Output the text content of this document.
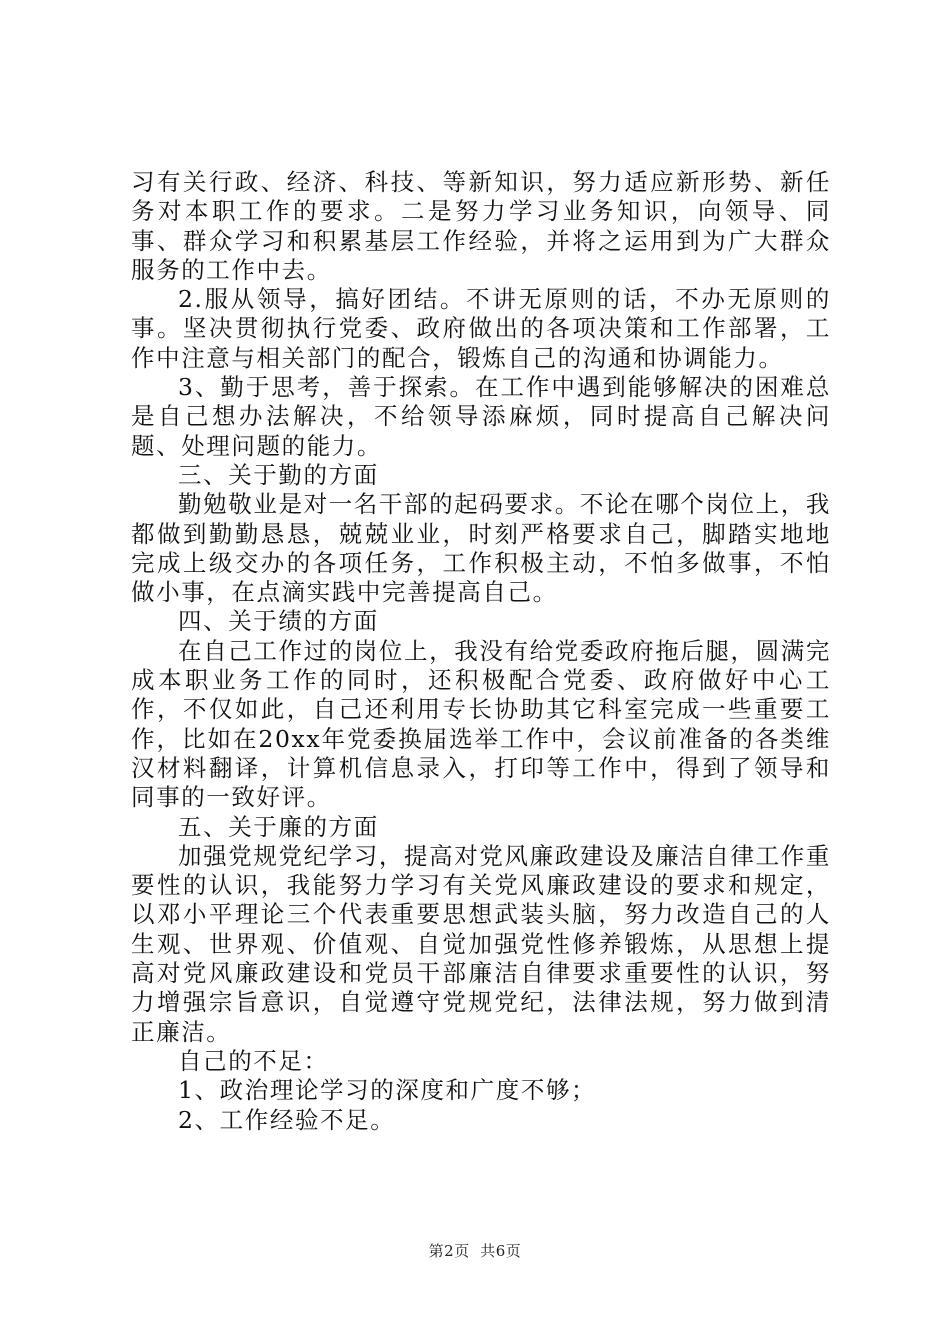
习有关行政、经济、科技、等新知识，努力适应新形势、新任务对本职工作的要求。二是努力学习业务知识，向领导、同事、群众学习和积累基层工作经验，并将之运用到为广大群众服务的工作中去。

2.服从领导，搞好团结。不讲无原则的话，不办无原则的事。坚决贯彻执行党委、政府做出的各项决策和工作部署，工作中注意与相关部门的配合，锻炼自己的沟通和协调能力。

3、勤于思考，善于探索。在工作中遇到能够解决的困难总是自己想办法解决，不给领导添麻烦，同时提高自己解决问题、处理问题的能力。

三、关于勤的方面

勤勉敬业是对一名干部的起码要求。不论在哪个岗位上，我都做到勤勤恳恳，兢兢业业，时刻严格要求自己，脚踏实地地完成上级交办的各项任务，工作积极主动，不怕多做事，不怕做小事，在点滴实践中完善提高自己。

四、关于绩的方面

在自己工作过的岗位上，我没有给党委政府拖后腿，圆满完成本职业务工作的同时，还积极配合党委、政府做好中心工作，不仅如此，自己还利用专长协助其它科室完成一些重要工作，比如在20xx年党委换届选举工作中，会议前准备的各类维汉材料翻译，计算机信息录入，打印等工作中，得到了领导和同事的一致好评。

五、关于廉的方面

加强党规党纪学习，提高对党风廉政建设及廉洁自律工作重要性的认识，我能努力学习有关党风廉政建设的要求和规定，以邓小平理论三个代表重要思想武装头脑，努力改造自己的人生观、世界观、价值观、自觉加强党性修养锻炼，从思想上提高对党风廉政建设和党员干部廉洁自律要求重要性的认识，努力增强宗旨意识，自觉遵守党规党纪，法律法规，努力做到清正廉洁。

自己的不足：

1、政治理论学习的深度和广度不够；

2、工作经验不足。

第2页 共6页
